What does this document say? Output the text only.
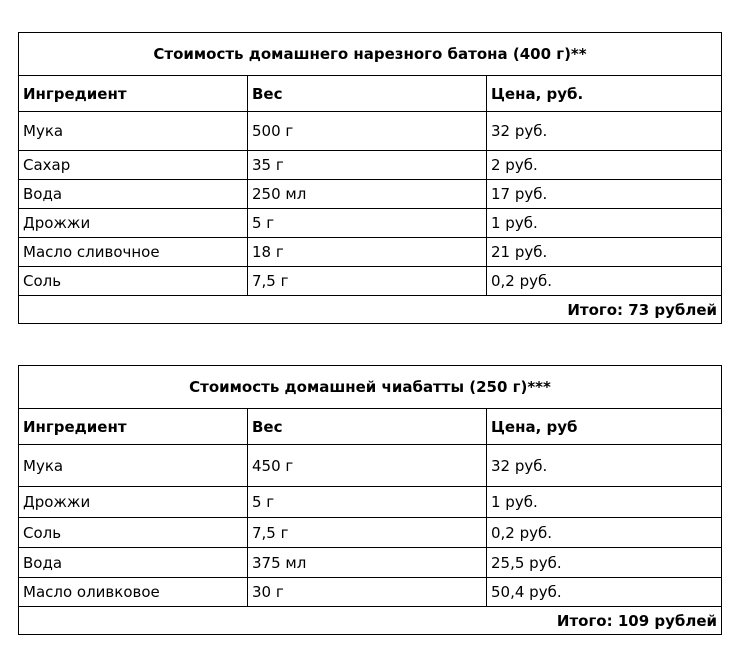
Стоимость домашнего нарезного батона (400 г)**		
Ингредиент	Вес	Цена, руб.
Мука	500 г	32 руб.
Сахар	35 г	2 руб.
Вода	250 мл	17 руб.
Дрожжи	5 г	1 руб.
Масло сливочное	18 г	21 руб.
Соль	7,5 г	0,2 руб.
Итого: 73 рублей		
Стоимость домашней чиабатты (250 г)***		
Ингредиент	Вес	Цена, руб
Мука	450 г	32 руб.
Дрожжи	5 г	1 руб.
Соль	7,5 г	0,2 руб.
Вода	375 мл	25,5 руб.
Масло оливковое	30 г	50,4 руб.
Итого: 109 рублей		
